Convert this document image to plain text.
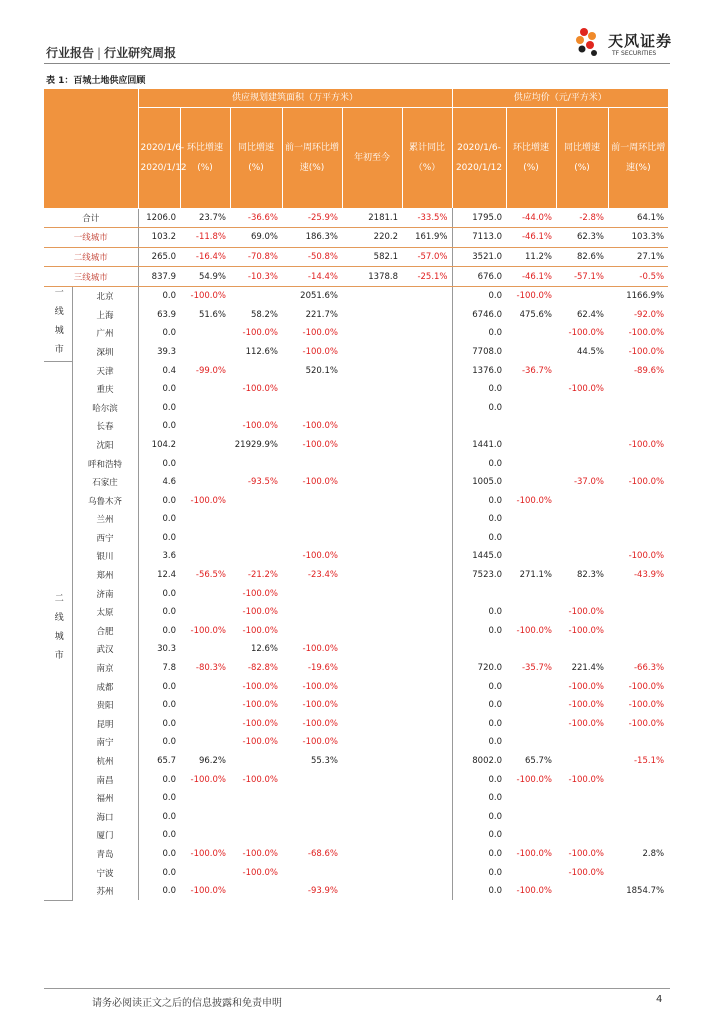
行业报告 | 行业研究周报
天风证券
TF SECURITIES
表 1：百城土地供应回顾
		供应规划建筑面积（万平方米）						供应均价（元/平方米）			
		2020/1/6-2020/1/12	环比增速(%)	同比增速(%)	前一周环比增速(%)	年初至今	累计同比（%）	2020/1/6-2020/1/12	环比增速(%)	同比增速(%)	前一周环比增速(%)
合计		1206.0	23.7%	-36.6%	-25.9%	2181.1	-33.5%	1795.0	-44.0%	-2.8%	64.1%
一线城市		103.2	-11.8%	69.0%	186.3%	220.2	161.9%	7113.0	-46.1%	62.3%	103.3%
二线城市		265.0	-16.4%	-70.8%	-50.8%	582.1	-57.0%	3521.0	11.2%	82.6%	27.1%
三线城市		837.9	54.9%	-10.3%	-14.4%	1378.8	-25.1%	676.0	-46.1%	-57.1%	-0.5%
一线城市	北京	0.0	-100.0%		2051.6%			0.0	-100.0%		1166.9%
	上海	63.9	51.6%	58.2%	221.7%			6746.0	475.6%	62.4%	-92.0%
	广州	0.0		-100.0%	-100.0%			0.0		-100.0%	-100.0%
	深圳	39.3		112.6%	-100.0%			7708.0		44.5%	-100.0%
二线城市	天津	0.4	-99.0%		520.1%			1376.0	-36.7%		-89.6%
	重庆	0.0		-100.0%				0.0		-100.0%	
	哈尔滨	0.0						0.0			
	长春	0.0		-100.0%	-100.0%						
	沈阳	104.2		21929.9%	-100.0%			1441.0			-100.0%
	呼和浩特	0.0						0.0			
	石家庄	4.6		-93.5%	-100.0%			1005.0		-37.0%	-100.0%
	乌鲁木齐	0.0	-100.0%					0.0	-100.0%		
	兰州	0.0						0.0			
	西宁	0.0						0.0			
	银川	3.6			-100.0%			1445.0			-100.0%
	郑州	12.4	-56.5%	-21.2%	-23.4%			7523.0	271.1%	82.3%	-43.9%
	济南	0.0		-100.0%							
	太原	0.0		-100.0%				0.0		-100.0%	
	合肥	0.0	-100.0%	-100.0%				0.0	-100.0%	-100.0%	
	武汉	30.3		12.6%	-100.0%						
	南京	7.8	-80.3%	-82.8%	-19.6%			720.0	-35.7%	221.4%	-66.3%
	成都	0.0		-100.0%	-100.0%			0.0		-100.0%	-100.0%
	贵阳	0.0		-100.0%	-100.0%			0.0		-100.0%	-100.0%
	昆明	0.0		-100.0%	-100.0%			0.0		-100.0%	-100.0%
	南宁	0.0		-100.0%	-100.0%			0.0			
	杭州	65.7	96.2%		55.3%			8002.0	65.7%		-15.1%
	南昌	0.0	-100.0%	-100.0%				0.0	-100.0%	-100.0%	
	福州	0.0						0.0			
	海口	0.0						0.0			
	厦门	0.0						0.0			
	青岛	0.0	-100.0%	-100.0%	-68.6%			0.0	-100.0%	-100.0%	2.8%
	宁波	0.0		-100.0%				0.0		-100.0%	
	苏州	0.0	-100.0%		-93.9%			0.0	-100.0%		1854.7%
请务必阅读正文之后的信息披露和免责申明	4
